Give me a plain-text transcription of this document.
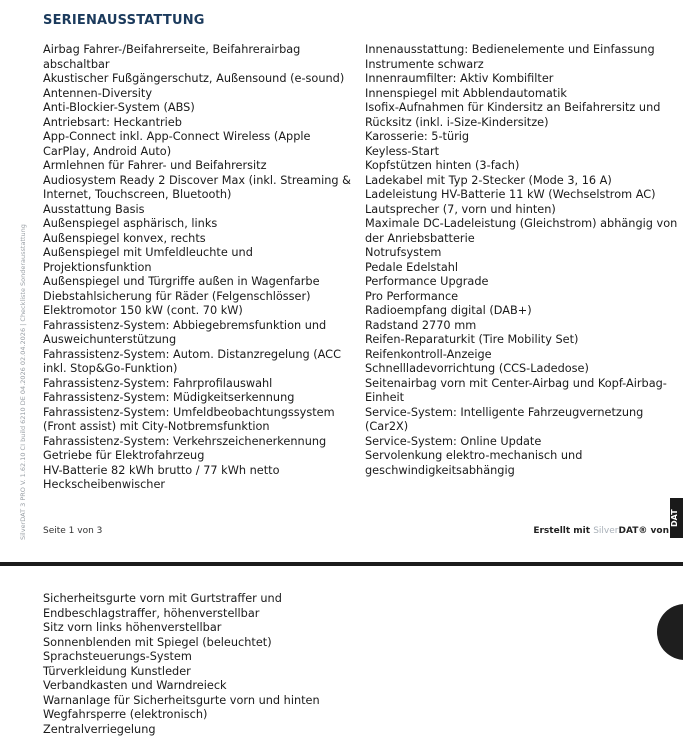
SERIENAUSSTATTUNG
Airbag Fahrer-/Beifahrerseite, Beifahrerairbag abschaltbar
Akustischer Fußgängerschutz, Außensound (e-sound)
Antennen-Diversity
Anti-Blockier-System (ABS)
Antriebsart: Heckantrieb
App-Connect inkl. App-Connect Wireless (Apple CarPlay, Android Auto)
Armlehnen für Fahrer- und Beifahrersitz
Audiosystem Ready 2 Discover Max (inkl. Streaming & Internet, Touchscreen, Bluetooth)
Ausstattung Basis
Außenspiegel asphärisch, links
Außenspiegel konvex, rechts
Außenspiegel mit Umfeldleuchte und Projektionsfunktion
Außenspiegel und Türgriffe außen in Wagenfarbe
Diebstahlsicherung für Räder (Felgenschlösser)
Elektromotor 150 kW (cont. 70 kW)
Fahrassistenz-System: Abbiegebremsfunktion und Ausweichunterstützung
Fahrassistenz-System: Autom. Distanzregelung (ACC inkl. Stop&Go-Funktion)
Fahrassistenz-System: Fahrprofilauswahl
Fahrassistenz-System: Müdigkeitserkennung
Fahrassistenz-System: Umfeldbeobachtungssystem (Front assist) mit City-Notbremsfunktion
Fahrassistenz-System: Verkehrszeichenerkennung
Getriebe für Elektrofahrzeug
HV-Batterie 82 kWh brutto / 77 kWh netto
Heckscheibenwischer
Innenausstattung: Bedienelemente und Einfassung Instrumente schwarz
Innenraumfilter: Aktiv Kombifilter
Innenspiegel mit Abblendautomatik
Isofix-Aufnahmen für Kindersitz an Beifahrersitz und Rücksitz (inkl. i-Size-Kindersitze)
Karosserie: 5-türig
Keyless-Start
Kopfstützen hinten (3-fach)
Ladekabel mit Typ 2-Stecker (Mode 3, 16 A)
Ladeleistung HV-Batterie 11 kW (Wechselstrom AC)
Lautsprecher (7, vorn und hinten)
Maximale DC-Ladeleistung (Gleichstrom) abhängig von der Anriebsbatterie
Notrufsystem
Pedale Edelstahl
Performance Upgrade
Pro Performance
Radioempfang digital (DAB+)
Radstand 2770 mm
Reifen-Reparaturkit (Tire Mobility Set)
Reifenkontroll-Anzeige
Schnellladevorrichtung (CCS-Ladedose)
Seitenairbag vorn mit Center-Airbag und Kopf-Airbag-Einheit
Service-System: Intelligente Fahrzeugvernetzung (Car2X)
Service-System: Online Update
Servolenkung elektro-mechanisch und geschwindigkeitsabhängig
SilverDAT 3 PRO V. 1.62.10 CI build 6210 DE 04.2026 02.04.2026 | Checkliste Sonderausstattung	Seite 1 von 3	Erstellt mit SilverDAT® von
DAT
Sicherheitsgurte vorn mit Gurtstraffer und Endbeschlagstraffer, höhenverstellbar
Sitz vorn links höhenverstellbar
Sonnenblenden mit Spiegel (beleuchtet)
Sprachsteuerungs-System
Türverkleidung Kunstleder
Verbandkasten und Warndreieck
Warnanlage für Sicherheitsgurte vorn und hinten
Wegfahrsperre (elektronisch)
Zentralverriegelung
